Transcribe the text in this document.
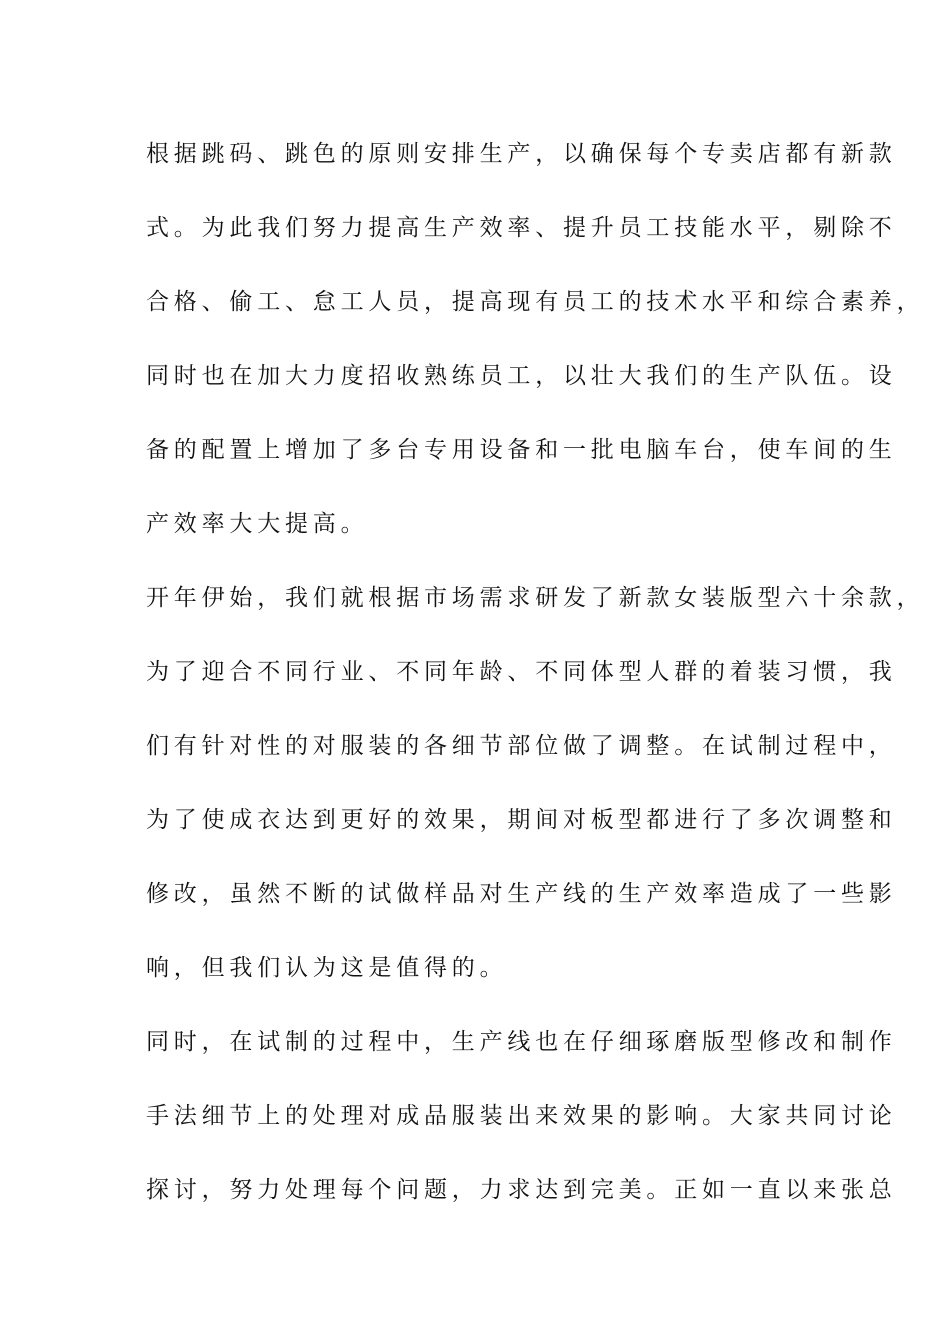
根据跳码、跳色的原则安排生产，以确保每个专卖店都有新款
式。为此我们努力提高生产效率、提升员工技能水平，剔除不
合格、偷工、怠工人员，提高现有员工的技术水平和综合素养，
同时也在加大力度招收熟练员工，以壮大我们的生产队伍。设
备的配置上增加了多台专用设备和一批电脑车台，使车间的生
产效率大大提高。
开年伊始，我们就根据市场需求研发了新款女装版型六十余款，
为了迎合不同行业、不同年龄、不同体型人群的着装习惯，我
们有针对性的对服装的各细节部位做了调整。在试制过程中，
为了使成衣达到更好的效果，期间对板型都进行了多次调整和
修改，虽然不断的试做样品对生产线的生产效率造成了一些影
响，但我们认为这是值得的。
同时，在试制的过程中，生产线也在仔细琢磨版型修改和制作
手法细节上的处理对成品服装出来效果的影响。大家共同讨论
探讨，努力处理每个问题，力求达到完美。正如一直以来张总
